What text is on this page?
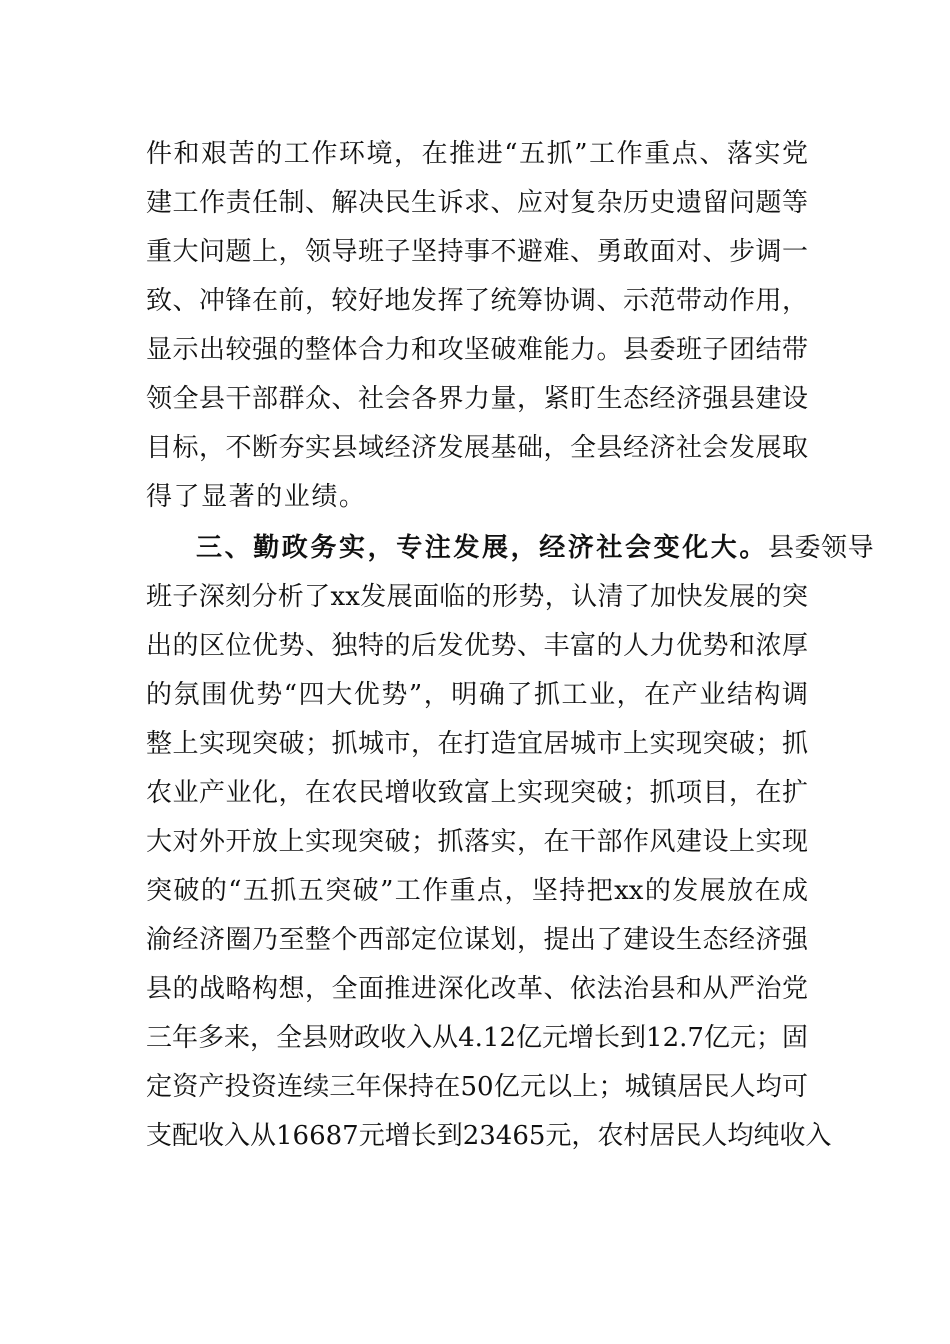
件和艰苦的工作环境，在推进“五抓”工作重点、落实党
建工作责任制、解决民生诉求、应对复杂历史遗留问题等
重大问题上，领导班子坚持事不避难、勇敢面对、步调一
致、冲锋在前，较好地发挥了统筹协调、示范带动作用，
显示出较强的整体合力和攻坚破难能力。县委班子团结带
领全县干部群众、社会各界力量，紧盯生态经济强县建设
目标，不断夯实县域经济发展基础，全县经济社会发展取
得了显著的业绩。
三、勤政务实，专注发展，经济社会变化大。县委领导
班子深刻分析了xx发展面临的形势，认清了加快发展的突
出的区位优势、独特的后发优势、丰富的人力优势和浓厚
的氛围优势“四大优势”，明确了抓工业，在产业结构调
整上实现突破；抓城市，在打造宜居城市上实现突破；抓
农业产业化，在农民增收致富上实现突破；抓项目，在扩
大对外开放上实现突破；抓落实，在干部作风建设上实现
突破的“五抓五突破”工作重点，坚持把xx的发展放在成
渝经济圈乃至整个西部定位谋划，提出了建设生态经济强
县的战略构想，全面推进深化改革、依法治县和从严治党
三年多来，全县财政收入从4.12亿元增长到12.7亿元；固
定资产投资连续三年保持在50亿元以上；城镇居民人均可
支配收入从16687元增长到23465元，农村居民人均纯收入
